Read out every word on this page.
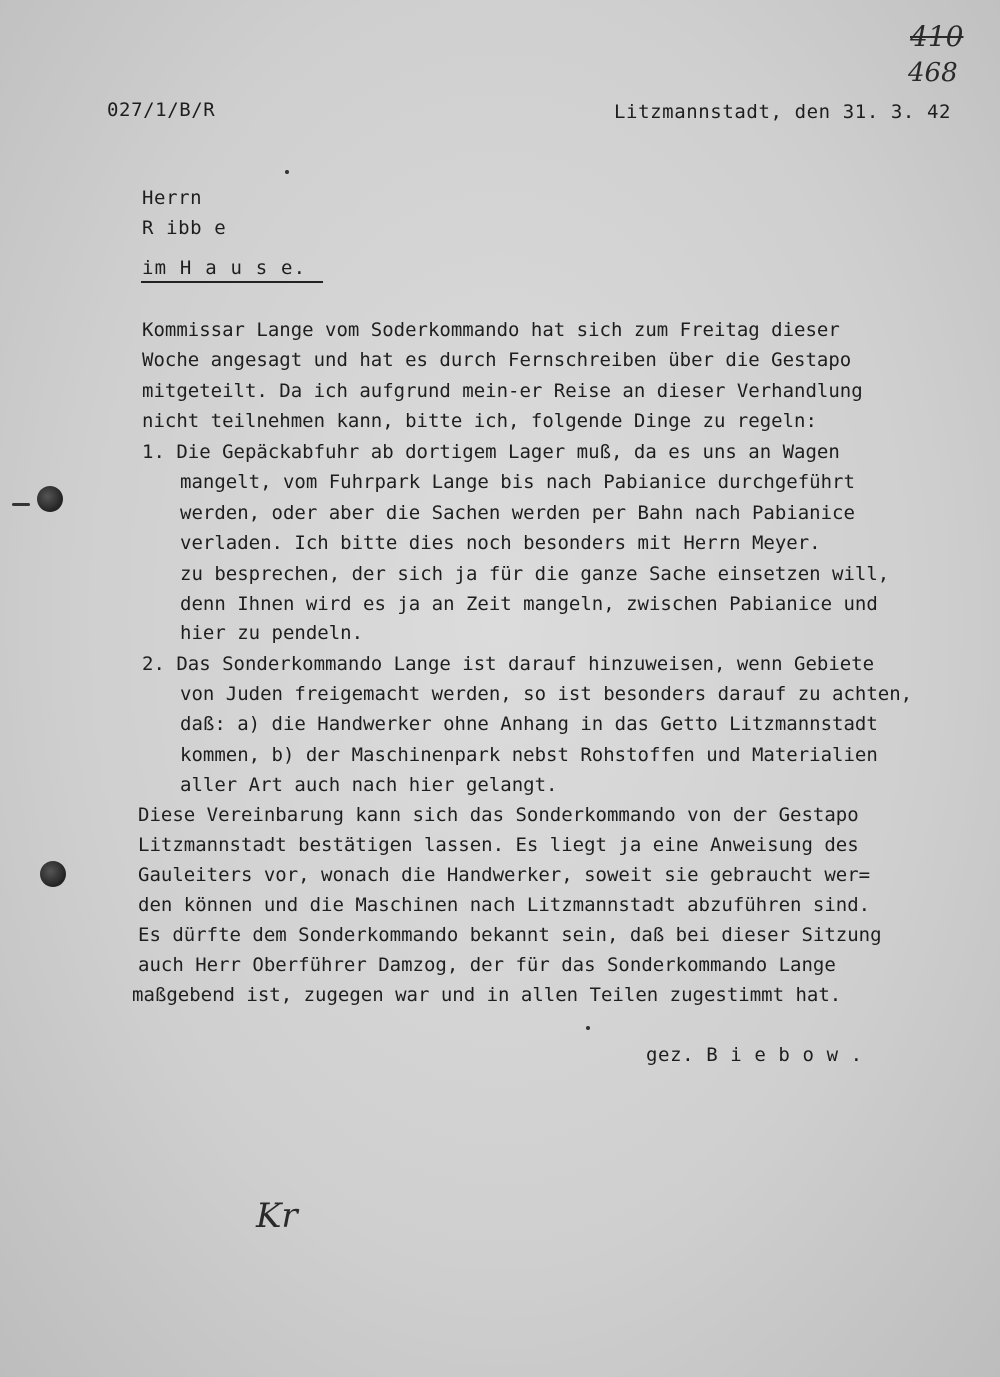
410
468
027/1/B/R	Litzmannstadt, den 31. 3. 42
Herrn
R ibb e
im H a u s e.
Kommissar Lange vom Soderkommando hat sich zum Freitag dieser
Woche angesagt und hat es durch Fernschreiben über die Gestapo
mitgeteilt. Da ich aufgrund mein-er Reise an dieser Verhandlung
nicht teilnehmen kann, bitte ich, folgende Dinge zu regeln:
1. Die Gepäckabfuhr ab dortigem Lager muß, da es uns an Wagen
mangelt, vom Fuhrpark Lange bis nach Pabianice durchgeführt
werden, oder aber die Sachen werden per Bahn nach Pabianice
verladen. Ich bitte dies noch besonders mit Herrn Meyer.
zu besprechen, der sich ja für die ganze Sache einsetzen will,
denn Ihnen wird es ja an Zeit mangeln, zwischen Pabianice und
hier zu pendeln.
2. Das Sonderkommando Lange ist darauf hinzuweisen, wenn Gebiete
von Juden freigemacht werden, so ist besonders darauf zu achten,
daß: a) die Handwerker ohne Anhang in das Getto Litzmannstadt
kommen, b) der Maschinenpark nebst Rohstoffen und Materialien
aller Art auch nach hier gelangt.
Diese Vereinbarung kann sich das Sonderkommando von der Gestapo
Litzmannstadt bestätigen lassen. Es liegt ja eine Anweisung des
Gauleiters vor, wonach die Handwerker, soweit sie gebraucht wer=
den können und die Maschinen nach Litzmannstadt abzuführen sind.
Es dürfte dem Sonderkommando bekannt sein, daß bei dieser Sitzung
auch Herr Oberführer Damzog, der für das Sonderkommando Lange
maßgebend ist, zugegen war und in allen Teilen zugestimmt hat.
gez. B i e b o w .
Kr
